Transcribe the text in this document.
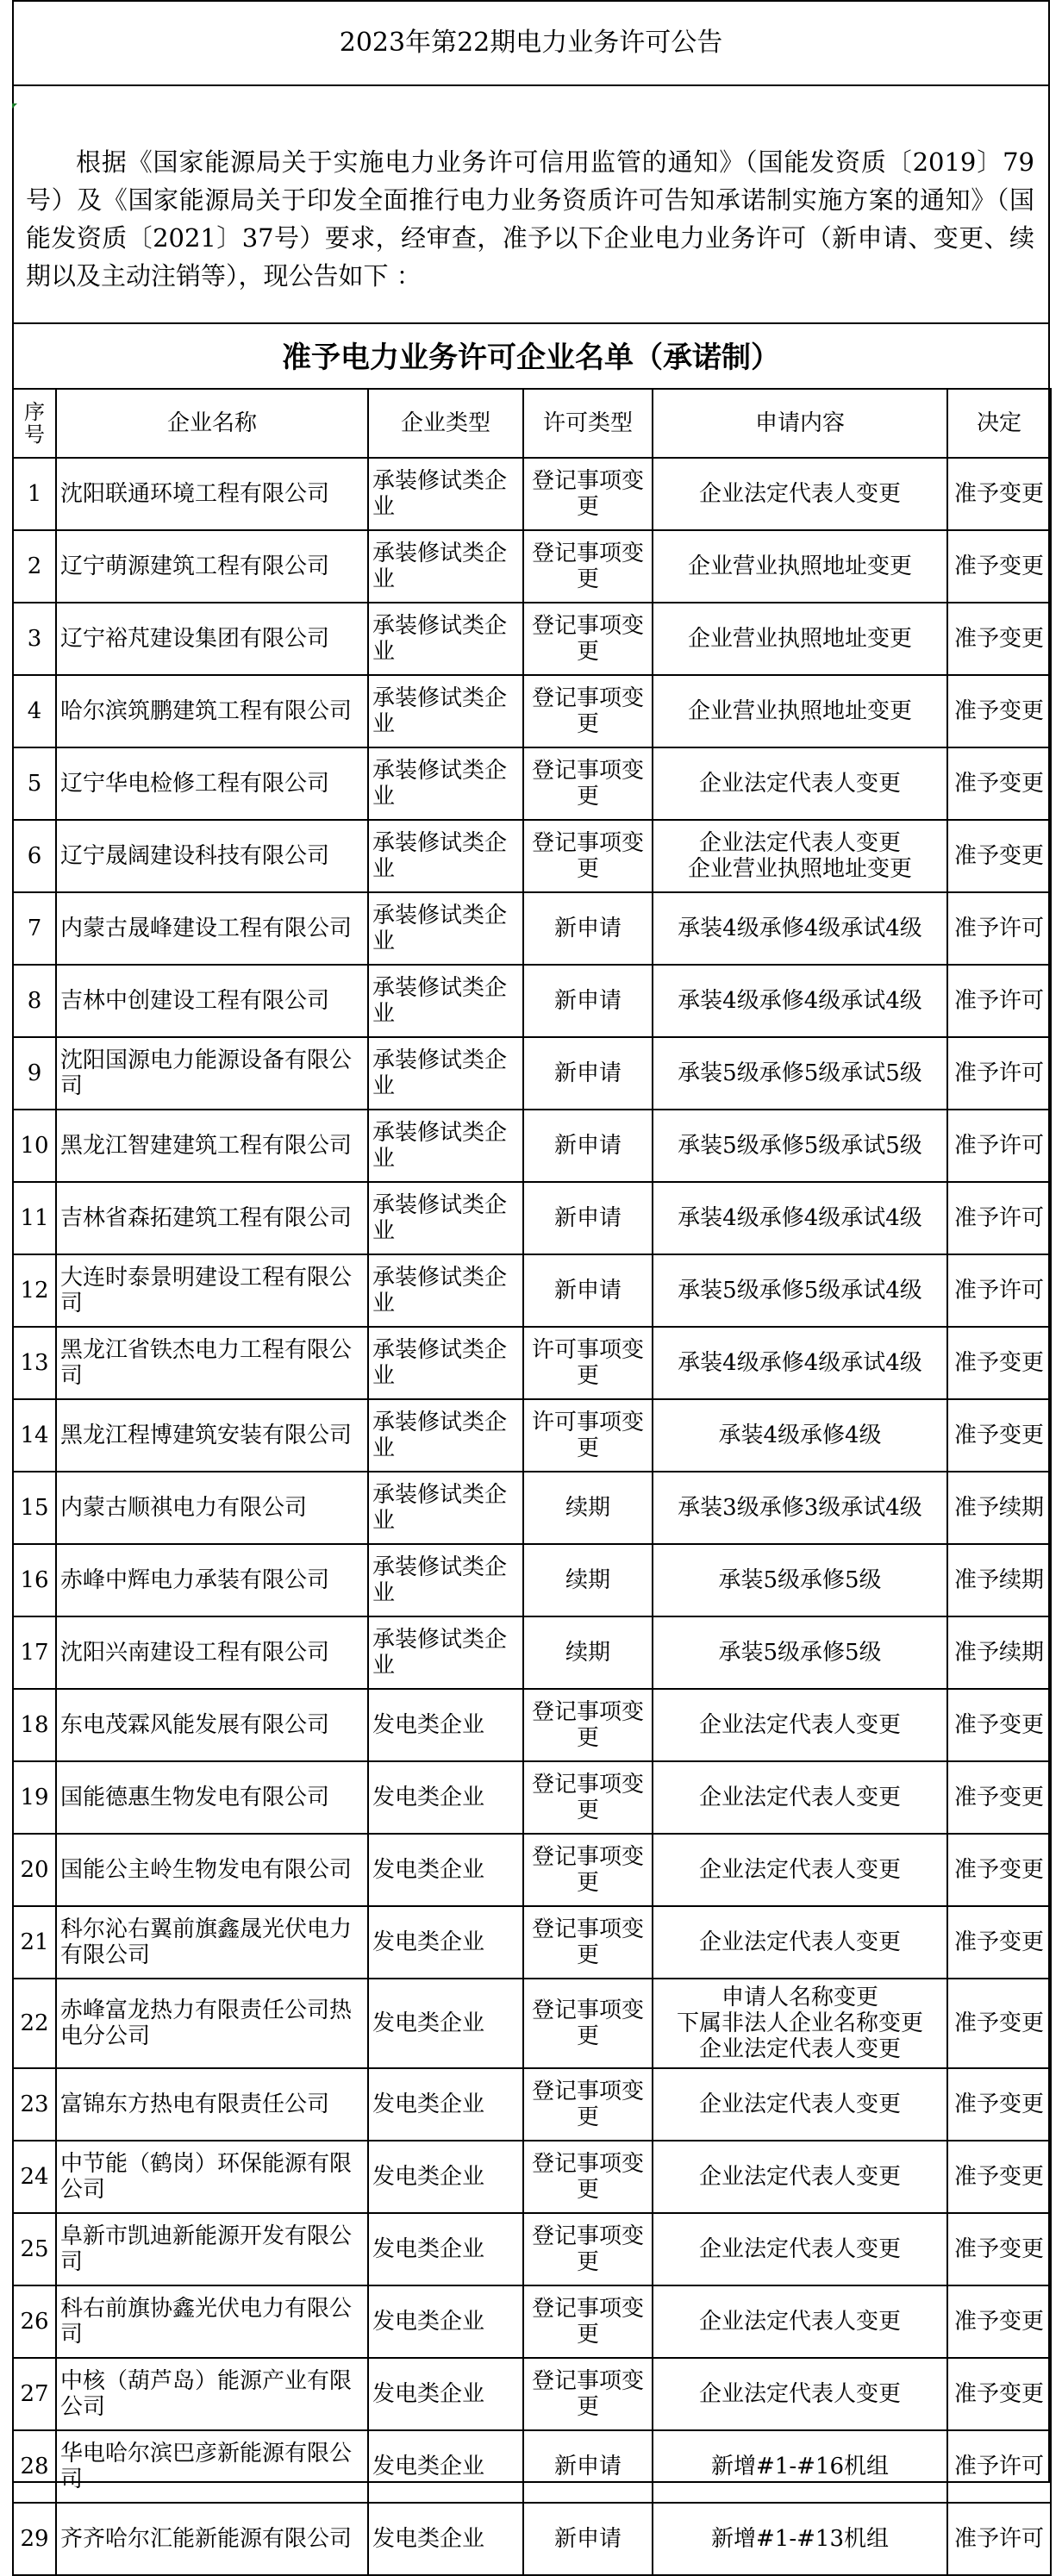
2023年第22期电力业务许可公告
根据《国家能源局关于实施电力业务许可信用监管的通知》（国能发资质〔2019〕79号）及《国家能源局关于印发全面推行电力业务资质许可告知承诺制实施方案的通知》（国能发资质〔2021〕37号）要求，经审查，准予以下企业电力业务许可（新申请、变更、续期以及主动注销等），现公告如下 ：
准予电力业务许可企业名单（承诺制）
序号	企业名称	企业类型	许可类型	申请内容	决定
1	沈阳联通环境工程有限公司	承装修试类企业	登记事项变更	企业法定代表人变更	准予变更
2	辽宁萌源建筑工程有限公司	承装修试类企业	登记事项变更	企业营业执照地址变更	准予变更
3	辽宁裕芃建设集团有限公司	承装修试类企业	登记事项变更	企业营业执照地址变更	准予变更
4	哈尔滨筑鹏建筑工程有限公司	承装修试类企业	登记事项变更	企业营业执照地址变更	准予变更
5	辽宁华电检修工程有限公司	承装修试类企业	登记事项变更	企业法定代表人变更	准予变更
6	辽宁晟阔建设科技有限公司	承装修试类企业	登记事项变更	企业法定代表人变更
企业营业执照地址变更	准予变更
7	内蒙古晟峰建设工程有限公司	承装修试类企业	新申请	承装4级承修4级承试4级	准予许可
8	吉林中创建设工程有限公司	承装修试类企业	新申请	承装4级承修4级承试4级	准予许可
9	沈阳国源电力能源设备有限公司	承装修试类企业	新申请	承装5级承修5级承试5级	准予许可
10	黑龙江智建建筑工程有限公司	承装修试类企业	新申请	承装5级承修5级承试5级	准予许可
11	吉林省森拓建筑工程有限公司	承装修试类企业	新申请	承装4级承修4级承试4级	准予许可
12	大连时泰景明建设工程有限公司	承装修试类企业	新申请	承装5级承修5级承试4级	准予许可
13	黑龙江省铁杰电力工程有限公司	承装修试类企业	许可事项变更	承装4级承修4级承试4级	准予变更
14	黑龙江程博建筑安装有限公司	承装修试类企业	许可事项变更	承装4级承修4级	准予变更
15	内蒙古顺祺电力有限公司	承装修试类企业	续期	承装3级承修3级承试4级	准予续期
16	赤峰中辉电力承装有限公司	承装修试类企业	续期	承装5级承修5级	准予续期
17	沈阳兴南建设工程有限公司	承装修试类企业	续期	承装5级承修5级	准予续期
18	东电茂霖风能发展有限公司	发电类企业	登记事项变更	企业法定代表人变更	准予变更
19	国能德惠生物发电有限公司	发电类企业	登记事项变更	企业法定代表人变更	准予变更
20	国能公主岭生物发电有限公司	发电类企业	登记事项变更	企业法定代表人变更	准予变更
21	科尔沁右翼前旗鑫晟光伏电力有限公司	发电类企业	登记事项变更	企业法定代表人变更	准予变更
22	赤峰富龙热力有限责任公司热电分公司	发电类企业	登记事项变更	申请人名称变更
下属非法人企业名称变更
企业法定代表人变更	准予变更
23	富锦东方热电有限责任公司	发电类企业	登记事项变更	企业法定代表人变更	准予变更
24	中节能（鹤岗）环保能源有限公司	发电类企业	登记事项变更	企业法定代表人变更	准予变更
25	阜新市凯迪新能源开发有限公司	发电类企业	登记事项变更	企业法定代表人变更	准予变更
26	科右前旗协鑫光伏电力有限公司	发电类企业	登记事项变更	企业法定代表人变更	准予变更
27	中核（葫芦岛）能源产业有限公司	发电类企业	登记事项变更	企业法定代表人变更	准予变更
28	华电哈尔滨巴彦新能源有限公司	发电类企业	新申请	新增#1-#16机组	准予许可
29	齐齐哈尔汇能新能源有限公司	发电类企业	新申请	新增#1-#13机组	准予许可
